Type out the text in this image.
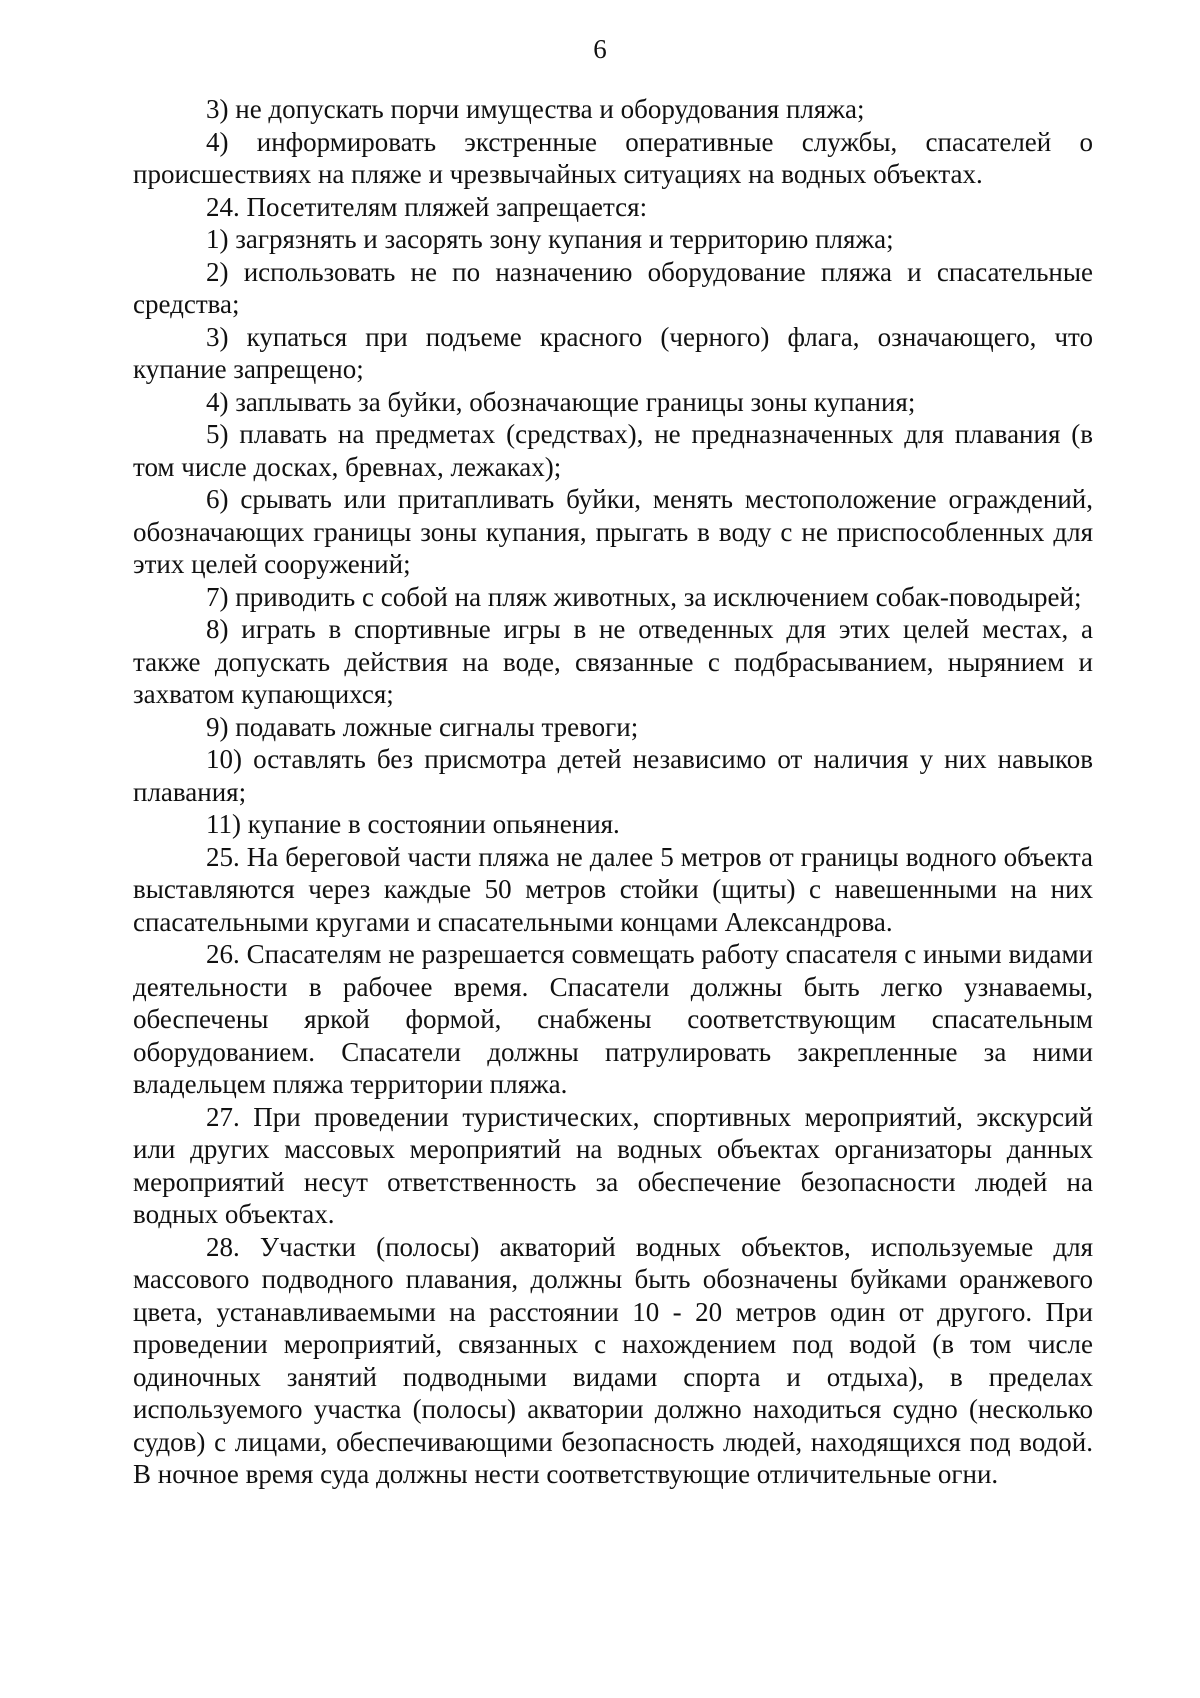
6

3) не допускать порчи имущества и оборудования пляжа;

4) информировать экстренные оперативные службы, спасателей о происшествиях на пляже и чрезвычайных ситуациях на водных объектах.

24. Посетителям пляжей запрещается:

1) загрязнять и засорять зону купания и территорию пляжа;

2) использовать не по назначению оборудование пляжа и спасательные средства;

3) купаться при подъеме красного (черного) флага, означающего, что купание запрещено;

4) заплывать за буйки, обозначающие границы зоны купания;

5) плавать на предметах (средствах), не предназначенных для плавания (в том числе досках, бревнах, лежаках);

6) срывать или притапливать буйки, менять местоположение ограждений, обозначающих границы зоны купания, прыгать в воду с не приспособленных для этих целей сооружений;

7) приводить с собой на пляж животных, за исключением собак-поводырей;

8) играть в спортивные игры в не отведенных для этих целей местах, а также допускать действия на воде, связанные с подбрасыванием, нырянием и захватом купающихся;

9) подавать ложные сигналы тревоги;

10) оставлять без присмотра детей независимо от наличия у них навыков плавания;

11) купание в состоянии опьянения.

25. На береговой части пляжа не далее 5 метров от границы водного объекта выставляются через каждые 50 метров стойки (щиты) с навешенными на них спасательными кругами и спасательными концами Александрова.

26. Спасателям не разрешается совмещать работу спасателя с иными видами деятельности в рабочее время. Спасатели должны быть легко узнаваемы, обеспечены яркой формой, снабжены соответствующим спасательным оборудованием. Спасатели должны патрулировать закрепленные за ними владельцем пляжа территории пляжа.

27. При проведении туристических, спортивных мероприятий, экскурсий или других массовых мероприятий на водных объектах организаторы данных мероприятий несут ответственность за обеспечение безопасности людей на водных объектах.

28. Участки (полосы) акваторий водных объектов, используемые для массового подводного плавания, должны быть обозначены буйками оранжевого цвета, устанавливаемыми на расстоянии 10 - 20 метров один от другого. При проведении мероприятий, связанных с нахождением под водой (в том числе одиночных занятий подводными видами спорта и отдыха), в пределах используемого участка (полосы) акватории должно находиться судно (несколько судов) с лицами, обеспечивающими безопасность людей, находящихся под водой. В ночное время суда должны нести соответствующие отличительные огни.
